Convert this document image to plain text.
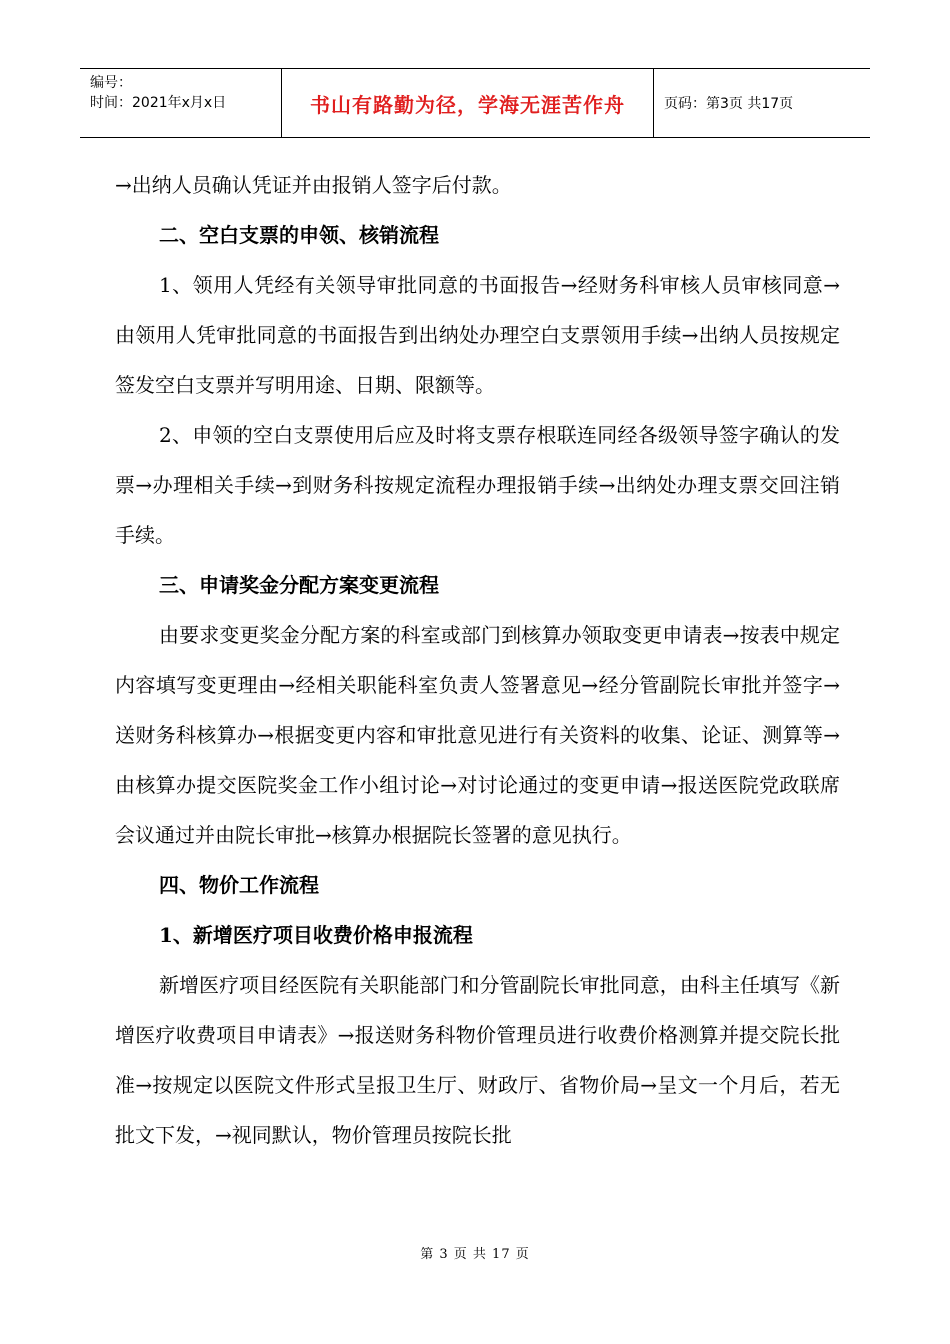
编号：
时间：2021年x月x日	书山有路勤为径，学海无涯苦作舟	页码：第3页 共17页

→出纳人员确认凭证并由报销人签字后付款。

二、空白支票的申领、核销流程

1、领用人凭经有关领导审批同意的书面报告→经财务科审核人员审核同意→由领用人凭审批同意的书面报告到出纳处办理空白支票领用手续→出纳人员按规定签发空白支票并写明用途、日期、限额等。

2、申领的空白支票使用后应及时将支票存根联连同经各级领导签字确认的发票→办理相关手续→到财务科按规定流程办理报销手续→出纳处办理支票交回注销手续。

三、申请奖金分配方案变更流程

由要求变更奖金分配方案的科室或部门到核算办领取变更申请表→按表中规定内容填写变更理由→经相关职能科室负责人签署意见→经分管副院长审批并签字→送财务科核算办→根据变更内容和审批意见进行有关资料的收集、论证、测算等→由核算办提交医院奖金工作小组讨论→对讨论通过的变更申请→报送医院党政联席会议通过并由院长审批→核算办根据院长签署的意见执行。

四、物价工作流程

1、新增医疗项目收费价格申报流程

新增医疗项目经医院有关职能部门和分管副院长审批同意，由科主任填写《新增医疗收费项目申请表》→报送财务科物价管理员进行收费价格测算并提交院长批准→按规定以医院文件形式呈报卫生厅、财政厅、省物价局→呈文一个月后，若无批文下发，→视同默认，物价管理员按院长批

第 3 页 共 17 页
